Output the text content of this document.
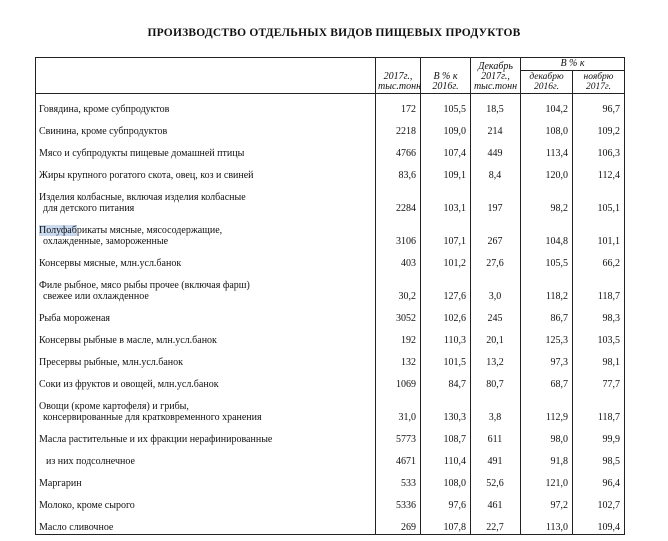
ПРОИЗВОДСТВО ОТДЕЛЬНЫХ ВИДОВ ПИЩЕВЫХ ПРОДУКТОВ
	2017г., тыс.тонн	В % к 2016г.	Декабрь 2017г., тыс.тонн	В % к	
				декабрю 2016г.	ноябрю 2017г.
Говядина, кроме субпродуктов	172	105,5	18,5	104,2	96,7
Свинина, кроме субпродуктов	2218	109,0	214	108,0	109,2
Мясо и субпродукты пищевые домашней птицы	4766	107,4	449	113,4	106,3
Жиры крупного рогатого скота, овец, коз и свиней	83,6	109,1	8,4	120,0	112,4
Изделия колбасные, включая изделия колбасные
для детского питания	2284	103,1	197	98,2	105,1
Полуфабрикаты мясные, мясосодержащие,
охлажденные, замороженные	3106	107,1	267	104,8	101,1
Консервы мясные, млн.усл.банок	403	101,2	27,6	105,5	66,2
Филе рыбное, мясо рыбы прочее (включая фарш)
свежее или охлажденное	30,2	127,6	3,0	118,2	118,7
Рыба мороженая	3052	102,6	245	86,7	98,3
Консервы рыбные в масле, млн.усл.банок	192	110,3	20,1	125,3	103,5
Пресервы рыбные, млн.усл.банок	132	101,5	13,2	97,3	98,1
Соки из фруктов и овощей, млн.усл.банок	1069	84,7	80,7	68,7	77,7
Овощи (кроме картофеля) и грибы,
консервированные для кратковременного хранения	31,0	130,3	3,8	112,9	118,7
Масла растительные и их фракции нерафинированные	5773	108,7	611	98,0	99,9
из них подсолнечное	4671	110,4	491	91,8	98,5
Маргарин	533	108,0	52,6	121,0	96,4
Молоко, кроме сырого	5336	97,6	461	97,2	102,7
Масло сливочное	269	107,8	22,7	113,0	109,4
